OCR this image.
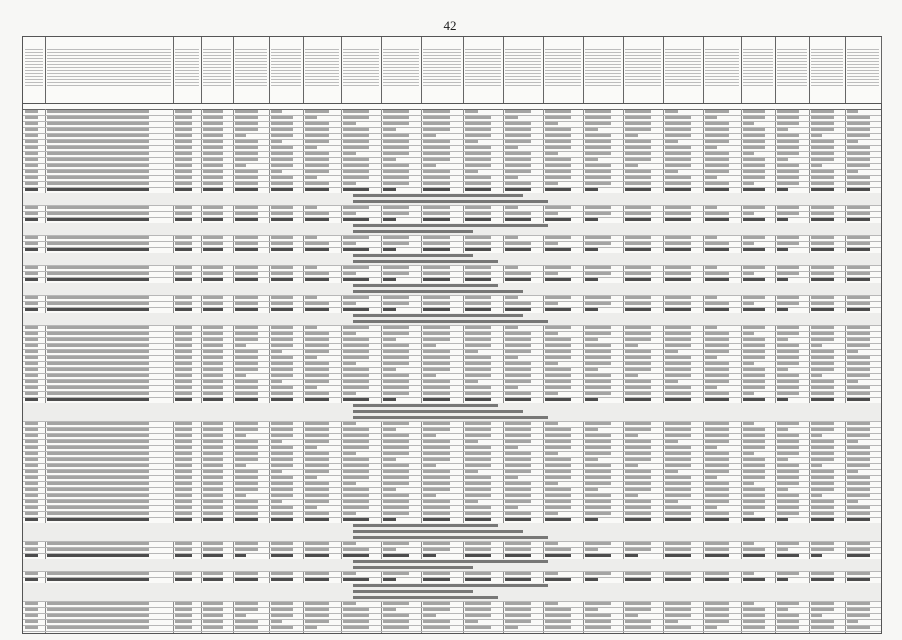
42
